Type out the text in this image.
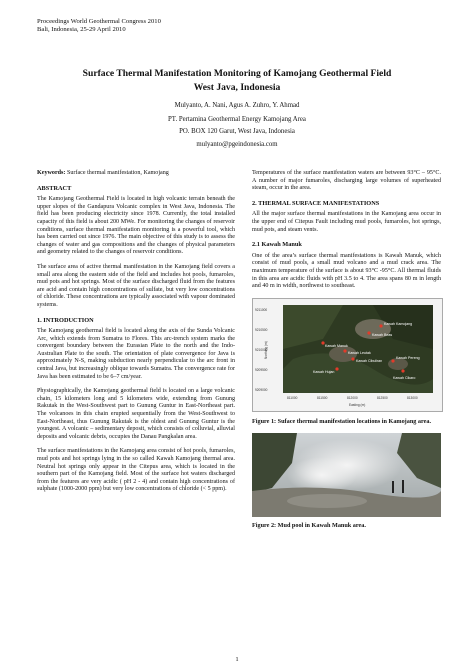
Proceedings World Geothermal Congress 2010
Bali, Indonesia, 25-29 April 2010
Surface Thermal Manifestation Monitoring of Kamojang Geothermal Field
West Java, Indonesia
Mulyanto, A. Nani, Agus A. Zuhro, Y. Ahmad
PT. Pertamina Geothermal Energy Kamojang Area
PO. BOX 120 Garut, West Java, Indonesia
mulyanto@pgeindonesia.com

Keywords: Surface thermal manifestation, Kamojang

ABSTRACT

The Kamojang Geothermal Field is located in high volcanic terrain beneath the upper slopes of the Gandapura Volcanic complex in West Java, Indonesia. The field has been producing electricity since 1978. Currently, the total installed capacity of this field is about 200 MWe. For monitoring the changes of reservoir conditions, surface thermal manifestation monitoring is a powerful tool, which has been carried out since 1976. The main objective of this study is to assess the changes of water and gas compositions and the changes of physical parameters and geometry related to the changes of reservoir conditions.

The surface area of active thermal manifestation in the Kamojang field covers a small area along the eastern side of the field and includes hot pools, fumaroles, mud pots and hot springs. Most of the surface discharged fluid from the features are acid and contain high concentrations of sulfate, but very low concentrations of chloride. These concentrations are typically associated with vapour dominated systems.

1. INTRODUCTION

The Kamojang geothermal field is located along the axis of the Sunda Volcanic Arc, which extends from Sumatra to Flores. This arc-trench system marks the convergent boundary between the Eurasian Plate to the north and the Indo-Australian Plate to the south. The orientation of plate convergence for Java is approximately N-S, making subduction nearly perpendicular to the arc front in central Java, but increasingly oblique towards Sumatra. The convergence rate for Java has been estimated to be 6–7 cm/year.

Physiographically, the Kamojang geothermal field is located on a large volcanic chain, 15 kilometers long and 5 kilometers wide, extending from Gunung Rakutak in the West-Southwest part to Gunung Guntur in East-Northeast part. The volcanoes in this chain erupted sequentially from the West-Southwest to East-Northeast, thus Gunung Rakutak is the oldest and Gunung Guntur is the youngest. A volcanic – sedimentary deposit, which consists of colluvial, alluvial deposits and volcanic debris, occupies the Danau Pangkalan area.

The surface manifestations in the Kamojang area consist of hot pools, fumaroles, mud pots and hot springs lying in the so called Kawah Kamojang thermal area. Neutral hot springs only appear in the Citepus area, which is located in the southern part of the Kamojang field. Most of the surface hot waters discharged from the features are very acidic ( pH 2 - 4) and contain high concentrations of sulphate (1000-2000 ppm) but very low concentrations of chloride (< 5 ppm).

Temperatures of the surface manifestation waters are between 93°C – 95°C. A number of major fumaroles, discharging large volumes of superheated steam, occur in the area.

2. THERMAL SURFACE MANIFESTATIONS

All the major surface thermal manifestations in the Kamojang area occur in the upper end of Citepus Fault including mud pools, fumaroles, hot springs, mud pots, and steam vents.

2.1 Kawah Manuk

One of the area’s surface thermal manifestations is Kawah Manuk, which consist of mud pools, a small mud volcano and a mud crack area. The maximum temperature of the surface is about 93°C -95°C. All thermal fluids in this area are acidic fluids with pH 3.5 to 4. The area spans 80 m in length and 40 m in width, northwest to southeast.

Kawah Kamojang
Kawah Beas
Kawah Manuk
Kawah Leutak
Kawah Cibuliran
Kawah Hujan
Kawah Pereng
Kawah Cikaro
9211000
9210500
9210000
9209500
9209000
811000	811500	812000	812500	813000
Easting (m)
Northing (m)
Figure 1: Suface thermal manifestation locations in Kamojang area.
Figure 2: Mud pool in Kawah Manuk area.
1
